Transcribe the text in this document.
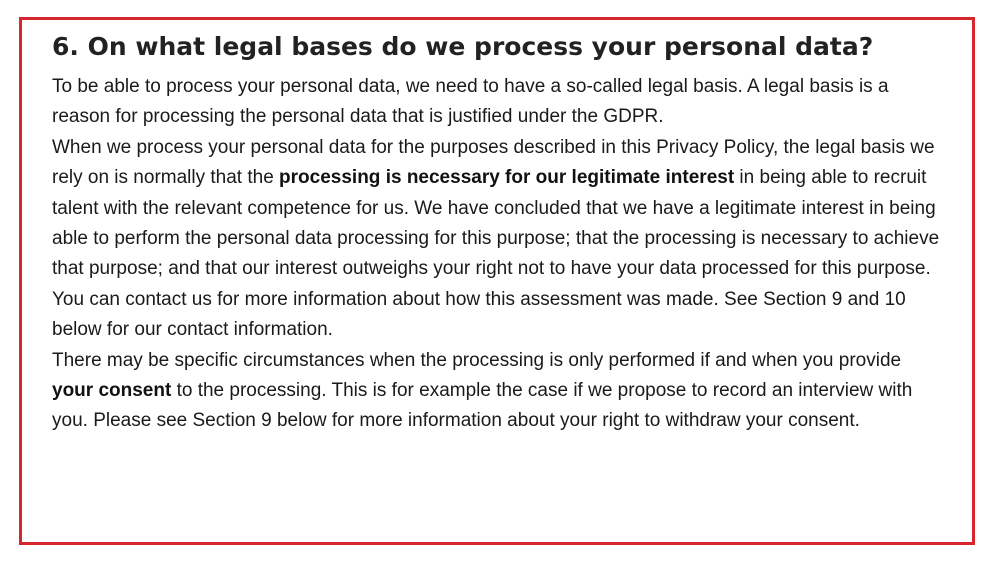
6. On what legal bases do we process your personal data?

To be able to process your personal data, we need to have a so-called legal basis. A legal basis is a reason for processing the personal data that is justified under the GDPR.

When we process your personal data for the purposes described in this Privacy Policy, the legal basis we rely on is normally that the processing is necessary for our legitimate interest in being able to recruit talent with the relevant competence for us. We have concluded that we have a legitimate interest in being able to perform the personal data processing for this purpose; that the processing is necessary to achieve that purpose; and that our interest outweighs your right not to have your data processed for this purpose.

You can contact us for more information about how this assessment was made. See Section 9 and 10 below for our contact information.

There may be specific circumstances when the processing is only performed if and when you provide your consent to the processing. This is for example the case if we propose to record an interview with you. Please see Section 9 below for more information about your right to withdraw your consent.
